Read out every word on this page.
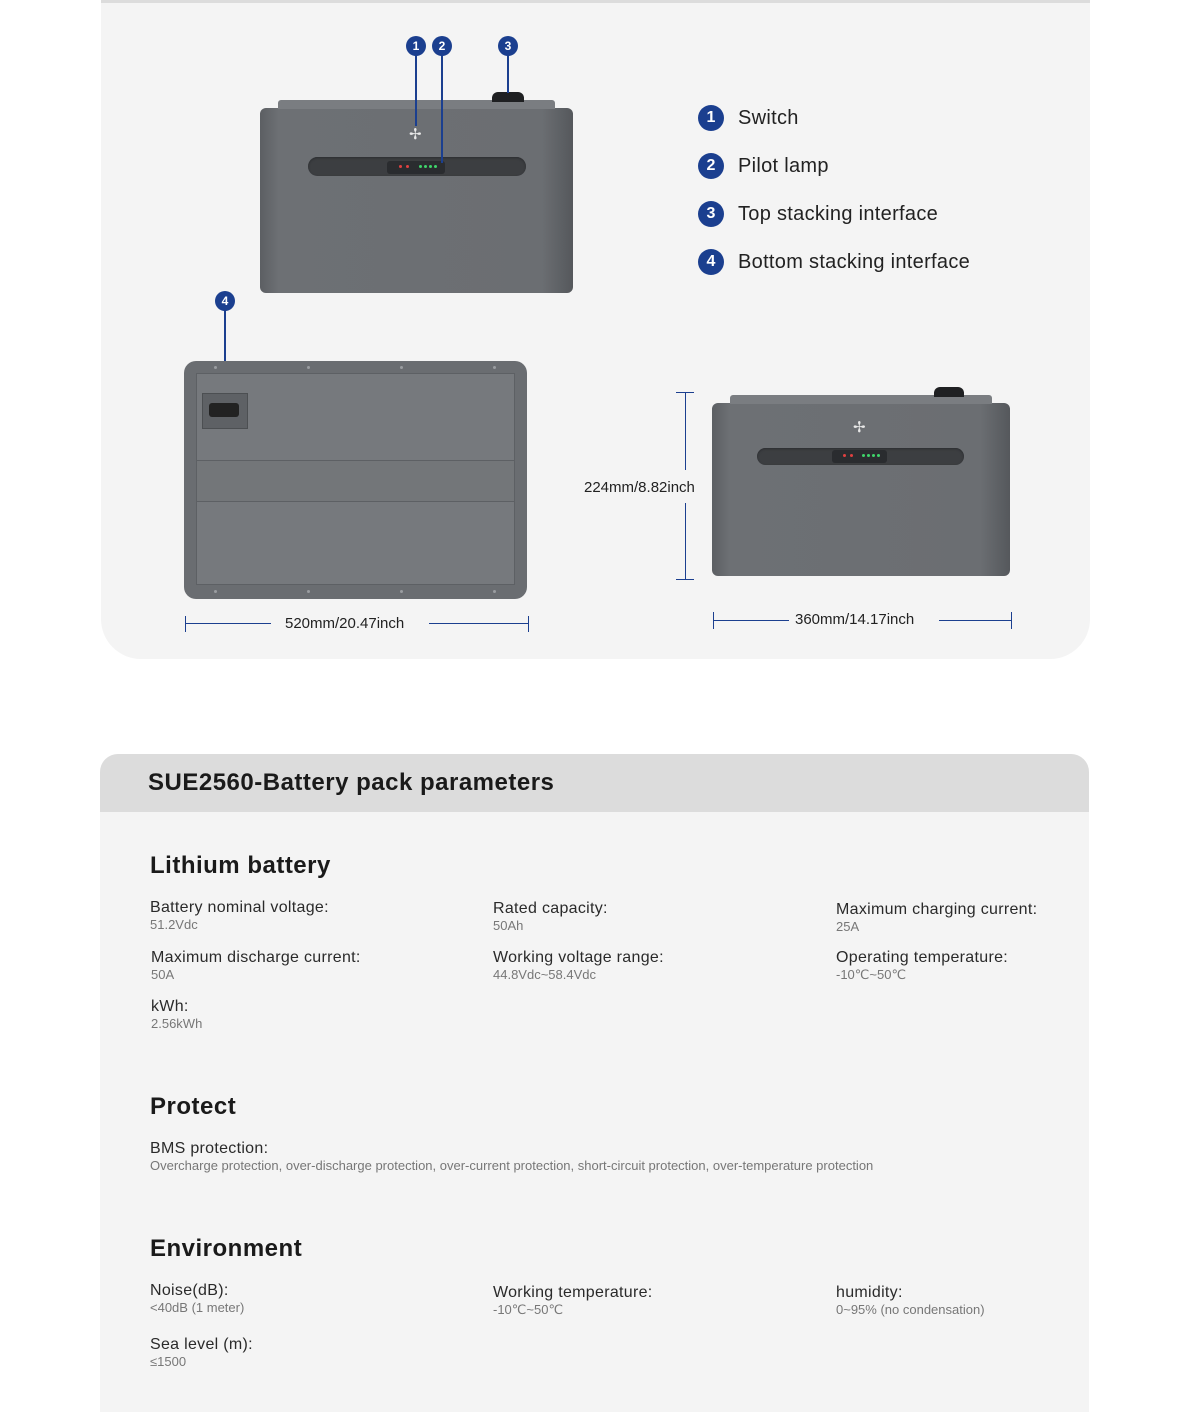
✢
1	2	3
1	Switch
2	Pilot lamp
3	Top stacking interface
4	Bottom stacking interface
4
520mm/20.47inch
✢
224mm/8.82inch
360mm/14.17inch
SUE2560-Battery pack parameters
Lithium battery
Battery nominal voltage:
51.2Vdc
Rated capacity:
50Ah
Maximum charging current:
25A
Maximum discharge current:
50A
Working voltage range:
44.8Vdc~58.4Vdc
Operating temperature:
-10℃~50℃
kWh:
2.56kWh
Protect
BMS protection:
Overcharge protection, over-discharge protection, over-current protection, short-circuit protection, over-temperature protection
Environment
Noise(dB):
<40dB (1 meter)
Working temperature:
-10℃~50℃
humidity:
0~95% (no condensation)
Sea level (m):
≤1500
